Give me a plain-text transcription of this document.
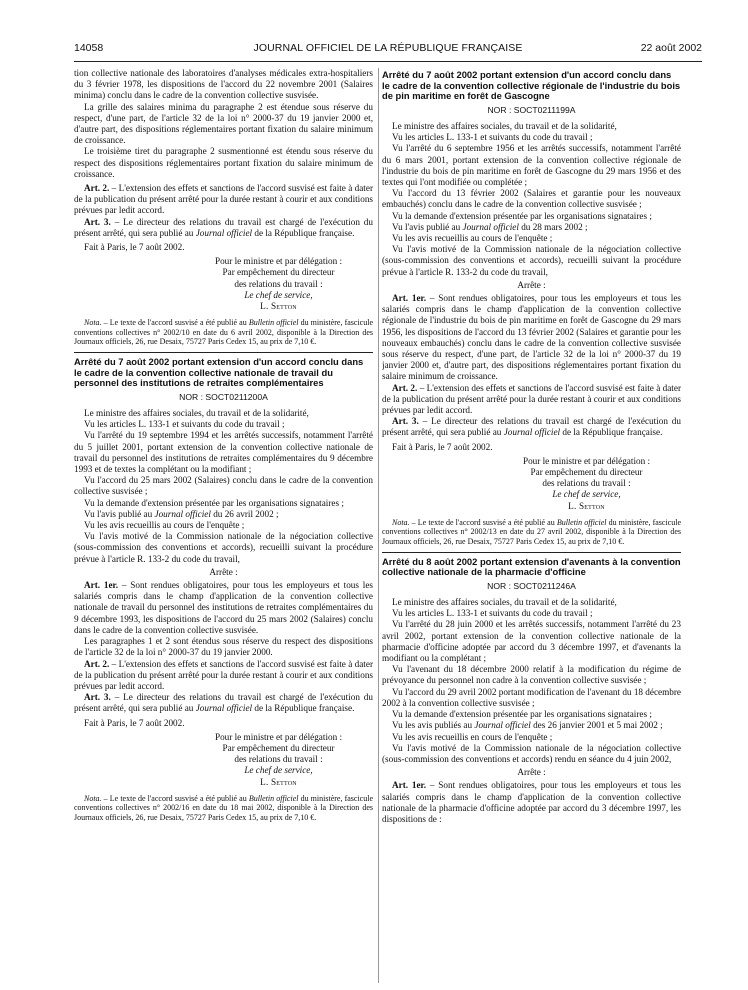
14058	JOURNAL OFFICIEL DE LA RÉPUBLIQUE FRANÇAISE	22 août 2002

tion collective nationale des laboratoires d'analyses médicales extra-hospitaliers du 3 février 1978, les dispositions de l'accord du 22 novembre 2001 (Salaires minima) conclu dans le cadre de la convention collective susvisée.

La grille des salaires minima du paragraphe 2 est étendue sous réserve du respect, d'une part, de l'article 32 de la loi n° 2000-37 du 19 janvier 2000 et, d'autre part, des dispositions réglementaires portant fixation du salaire minimum de croissance.

Le troisième tiret du paragraphe 2 susmentionné est étendu sous réserve du respect des dispositions réglementaires portant fixation du salaire minimum de croissance.

Art. 2. – L'extension des effets et sanctions de l'accord susvisé est faite à dater de la publication du présent arrêté pour la durée restant à courir et aux conditions prévues par ledit accord.

Art. 3. – Le directeur des relations du travail est chargé de l'exécution du présent arrêté, qui sera publié au Journal officiel de la République française.

Fait à Paris, le 7 août 2002.

Pour le ministre et par délégation :
Par empêchement du directeur
des relations du travail :
Le chef de service,
L. Setton

Nota. – Le texte de l'accord susvisé a été publié au Bulletin officiel du ministère, fascicule conventions collectives n° 2002/10 en date du 6 avril 2002, disponible à la Direction des Journaux officiels, 26, rue Desaix, 75727 Paris Cedex 15, au prix de 7,10 €.

Arrêté du 7 août 2002 portant extension d'un accord conclu dans le cadre de la convention collective nationale de travail du personnel des institutions de retraites complémentaires

NOR : SOCT0211200A

Le ministre des affaires sociales, du travail et de la solidarité,

Vu les articles L. 133-1 et suivants du code du travail ;

Vu l'arrêté du 19 septembre 1994 et les arrêtés successifs, notamment l'arrêté du 5 juillet 2001, portant extension de la convention collective nationale de travail du personnel des institutions de retraites complémentaires du 9 décembre 1993 et de textes la complétant ou la modifiant ;

Vu l'accord du 25 mars 2002 (Salaires) conclu dans le cadre de la convention collective susvisée ;

Vu la demande d'extension présentée par les organisations signataires ;

Vu l'avis publié au Journal officiel du 26 avril 2002 ;

Vu les avis recueillis au cours de l'enquête ;

Vu l'avis motivé de la Commission nationale de la négociation collective (sous-commission des conventions et accords), recueilli suivant la procédure prévue à l'article R. 133-2 du code du travail,

Arrête :

Art. 1er. – Sont rendues obligatoires, pour tous les employeurs et tous les salariés compris dans le champ d'application de la convention collective nationale de travail du personnel des institutions de retraites complémentaires du 9 décembre 1993, les dispositions de l'accord du 25 mars 2002 (Salaires) conclu dans le cadre de la convention collective susvisée.

Les paragraphes 1 et 2 sont étendus sous réserve du respect des dispositions de l'article 32 de la loi n° 2000-37 du 19 janvier 2000.

Art. 2. – L'extension des effets et sanctions de l'accord susvisé est faite à dater de la publication du présent arrêté pour la durée restant à courir et aux conditions prévues par ledit accord.

Art. 3. – Le directeur des relations du travail est chargé de l'exécution du présent arrêté, qui sera publié au Journal officiel de la République française.

Fait à Paris, le 7 août 2002.

Pour le ministre et par délégation :
Par empêchement du directeur
des relations du travail :
Le chef de service,
L. Setton

Nota. – Le texte de l'accord susvisé a été publié au Bulletin officiel du ministère, fascicule conventions collectives n° 2002/16 en date du 18 mai 2002, disponible à la Direction des Journaux officiels, 26, rue Desaix, 75727 Paris Cedex 15, au prix de 7,10 €.

Arrêté du 7 août 2002 portant extension d'un accord conclu dans le cadre de la convention collective régionale de l'industrie du bois de pin maritime en forêt de Gascogne

NOR : SOCT0211199A

Le ministre des affaires sociales, du travail et de la solidarité,

Vu les articles L. 133-1 et suivants du code du travail ;

Vu l'arrêté du 6 septembre 1956 et les arrêtés successifs, notamment l'arrêté du 6 mars 2001, portant extension de la convention collective régionale de l'industrie du bois de pin maritime en forêt de Gascogne du 29 mars 1956 et des textes qui l'ont modifiée ou complétée ;

Vu l'accord du 13 février 2002 (Salaires et garantie pour les nouveaux embauchés) conclu dans le cadre de la convention collective susvisée ;

Vu la demande d'extension présentée par les organisations signataires ;

Vu l'avis publié au Journal officiel du 28 mars 2002 ;

Vu les avis recueillis au cours de l'enquête ;

Vu l'avis motivé de la Commission nationale de la négociation collective (sous-commission des conventions et accords), recueilli suivant la procédure prévue à l'article R. 133-2 du code du travail,

Arrête :

Art. 1er. – Sont rendues obligatoires, pour tous les employeurs et tous les salariés compris dans le champ d'application de la convention collective régionale de l'industrie du bois de pin maritime en forêt de Gascogne du 29 mars 1956, les dispositions de l'accord du 13 février 2002 (Salaires et garantie pour les nouveaux embauchés) conclu dans le cadre de la convention collective susvisée sous réserve du respect, d'une part, de l'article 32 de la loi n° 2000-37 du 19 janvier 2000 et, d'autre part, des dispositions réglementaires portant fixation du salaire minimum de croissance.

Art. 2. – L'extension des effets et sanctions de l'accord susvisé est faite à dater de la publication du présent arrêté pour la durée restant à courir et aux conditions prévues par ledit accord.

Art. 3. – Le directeur des relations du travail est chargé de l'exécution du présent arrêté, qui sera publié au Journal officiel de la République française.

Fait à Paris, le 7 août 2002.

Pour le ministre et par délégation :
Par empêchement du directeur
des relations du travail :
Le chef de service,
L. Setton

Nota. – Le texte de l'accord susvisé a été publié au Bulletin officiel du ministère, fascicule conventions collectives n° 2002/13 en date du 27 avril 2002, disponible à la Direction des Journaux officiels, 26, rue Desaix, 75727 Paris Cedex 15, au prix de 7,10 €.

Arrêté du 8 août 2002 portant extension d'avenants à la convention collective nationale de la pharmacie d'officine

NOR : SOCT0211246A

Le ministre des affaires sociales, du travail et de la solidarité,

Vu les articles L. 133-1 et suivants du code du travail ;

Vu l'arrêté du 28 juin 2000 et les arrêtés successifs, notamment l'arrêté du 23 avril 2002, portant extension de la convention collective nationale de la pharmacie d'officine adoptée par accord du 3 décembre 1997, et d'avenants la modifiant ou la complétant ;

Vu l'avenant du 18 décembre 2000 relatif à la modification du régime de prévoyance du personnel non cadre à la convention collective susvisée ;

Vu l'accord du 29 avril 2002 portant modification de l'avenant du 18 décembre 2002 à la convention collective susvisée ;

Vu la demande d'extension présentée par les organisations signataires ;

Vu les avis publiés au Journal officiel des 26 janvier 2001 et 5 mai 2002 ;

Vu les avis recueillis en cours de l'enquête ;

Vu l'avis motivé de la Commission nationale de la négociation collective (sous-commission des conventions et accords) rendu en séance du 4 juin 2002,

Arrête :

Art. 1er. – Sont rendues obligatoires, pour tous les employeurs et tous les salariés compris dans le champ d'application de la convention collective nationale de la pharmacie d'officine adoptée par accord du 3 décembre 1997, les dispositions de :
